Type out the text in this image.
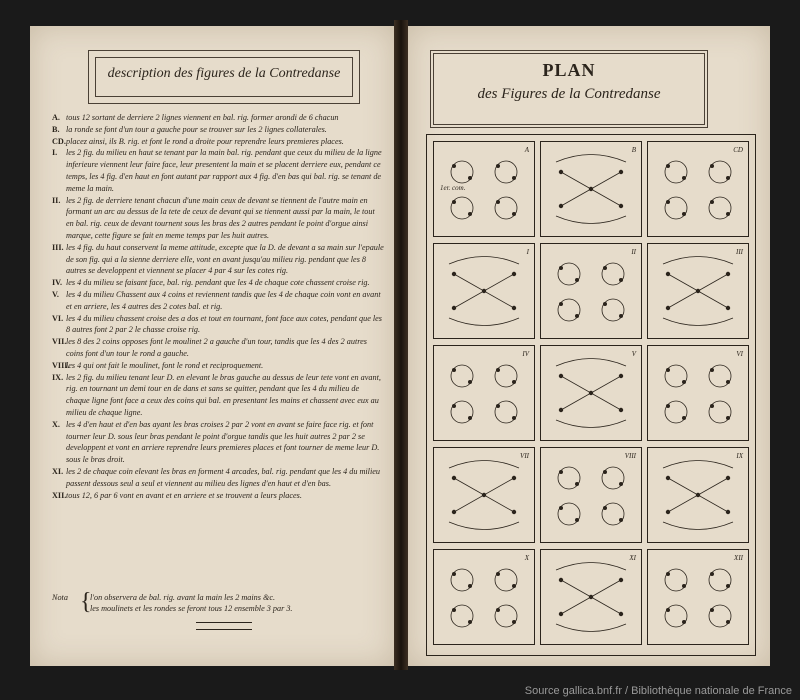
description des figures de la Contredanse
A. tous 12 sortant de derriere 2 lignes viennent en bal. rig. former arondi de 6 chacun
B. la ronde se font d'un tour a gauche pour se trouver sur les 2 lignes collaterales.
CD. placez ainsi, ils B. rig. et font le rond a droite pour reprendre leurs premieres places.
I.	les 2 fig. du milieu en haut se tenant par la main bal. rig. pendant que ceux du milieu de la ligne inferieure viennent leur faire face, leur presentent la main et se placent derriere eux, pendant ce temps, les 4 fig. d'en haut en font autant par rapport aux 4 fig. d'en bas qui bal. rig. se tenant de meme la main.
II. les 2 fig. de derriere tenant chacun d'une main ceux de devant se tiennent de l'autre main en formant un arc au dessus de la tete de ceux de devant qui se tiennent aussi par la main, le tout en bal. rig. ceux de devant tournent sous les bras des 2 autres pendant le point d'orgue ainsi marque, cette figure se fait en meme temps par les huit autres.
III. les 4 fig. du haut conservent la meme attitude, excepte que la D. de devant a sa main sur l'epaule de son fig. qui a la sienne derriere elle, vont en avant jusqu'au milieu rig. pendant que les 8 autres se developpent et viennent se placer 4 par 4 sur les cotes rig.
IV. les 4 du milieu se faisant face, bal. rig. pendant que les 4 de chaque cote chassent croise rig.
V. les 4 du milieu Chassent aux 4 coins et reviennent tandis que les 4 de chaque coin vont en avant et en arriere, les 4 autres des 2 cotes bal. et rig.
VI. les 4 du milieu chassent croise des a dos et tout en tournant, font face aux cotes, pendant que les 8 autres font 2 par 2 le chasse croise rig.
VII. les 8 des 2 coins opposes font le moulinet 2 a gauche d'un tour, tandis que les 4 des 2 autres coins font d'un tour le rond a gauche.
VIII.
les 4 qui ont fait le moulinet, font le rond et reciproquement.
IX. les 2 fig. du milieu tenant leur D. en elevant le bras gauche au dessus de leur tete vont en avant, rig. en tournant un demi tour en de dans et sans se quitter, pendant que les 4 du milieu de chaque ligne font face a ceux des coins qui bal. en presentant les mains et chassent avec eux au milieu de chaque ligne.
X. les 4 d'en haut et d'en bas ayant les bras croises 2 par 2 vont en avant se faire face rig. et font tourner leur D. sous leur bras pendant le point d'orgue tandis que les huit autres 2 par 2 se developpent et vont en arriere reprendre leurs premieres places et font tourner de meme leur D. sous le bras droit.
XI. les 2 de chaque coin elevant les bras en forment 4 arcades, bal. rig. pendant que les 4 du milieu passent dessous seul a seul et viennent au milieu des lignes d'en haut et d'en bas.
XII. tous 12, 6 par 6 vont en avant et en arriere et se trouvent a leurs places.
Nota {
l'on observera de bal. rig. avant la main les 2 mains &c.
les moulinets et les rondes se feront tous 12 ensemble 3 par 3.
PLAN
des Figures de la Contredanse
A
1er. com.
B	CD
I	II	III
IV	V	VI
VII	VIII	IX
X	XI	XII
Source gallica.bnf.fr / Bibliothèque nationale de France
